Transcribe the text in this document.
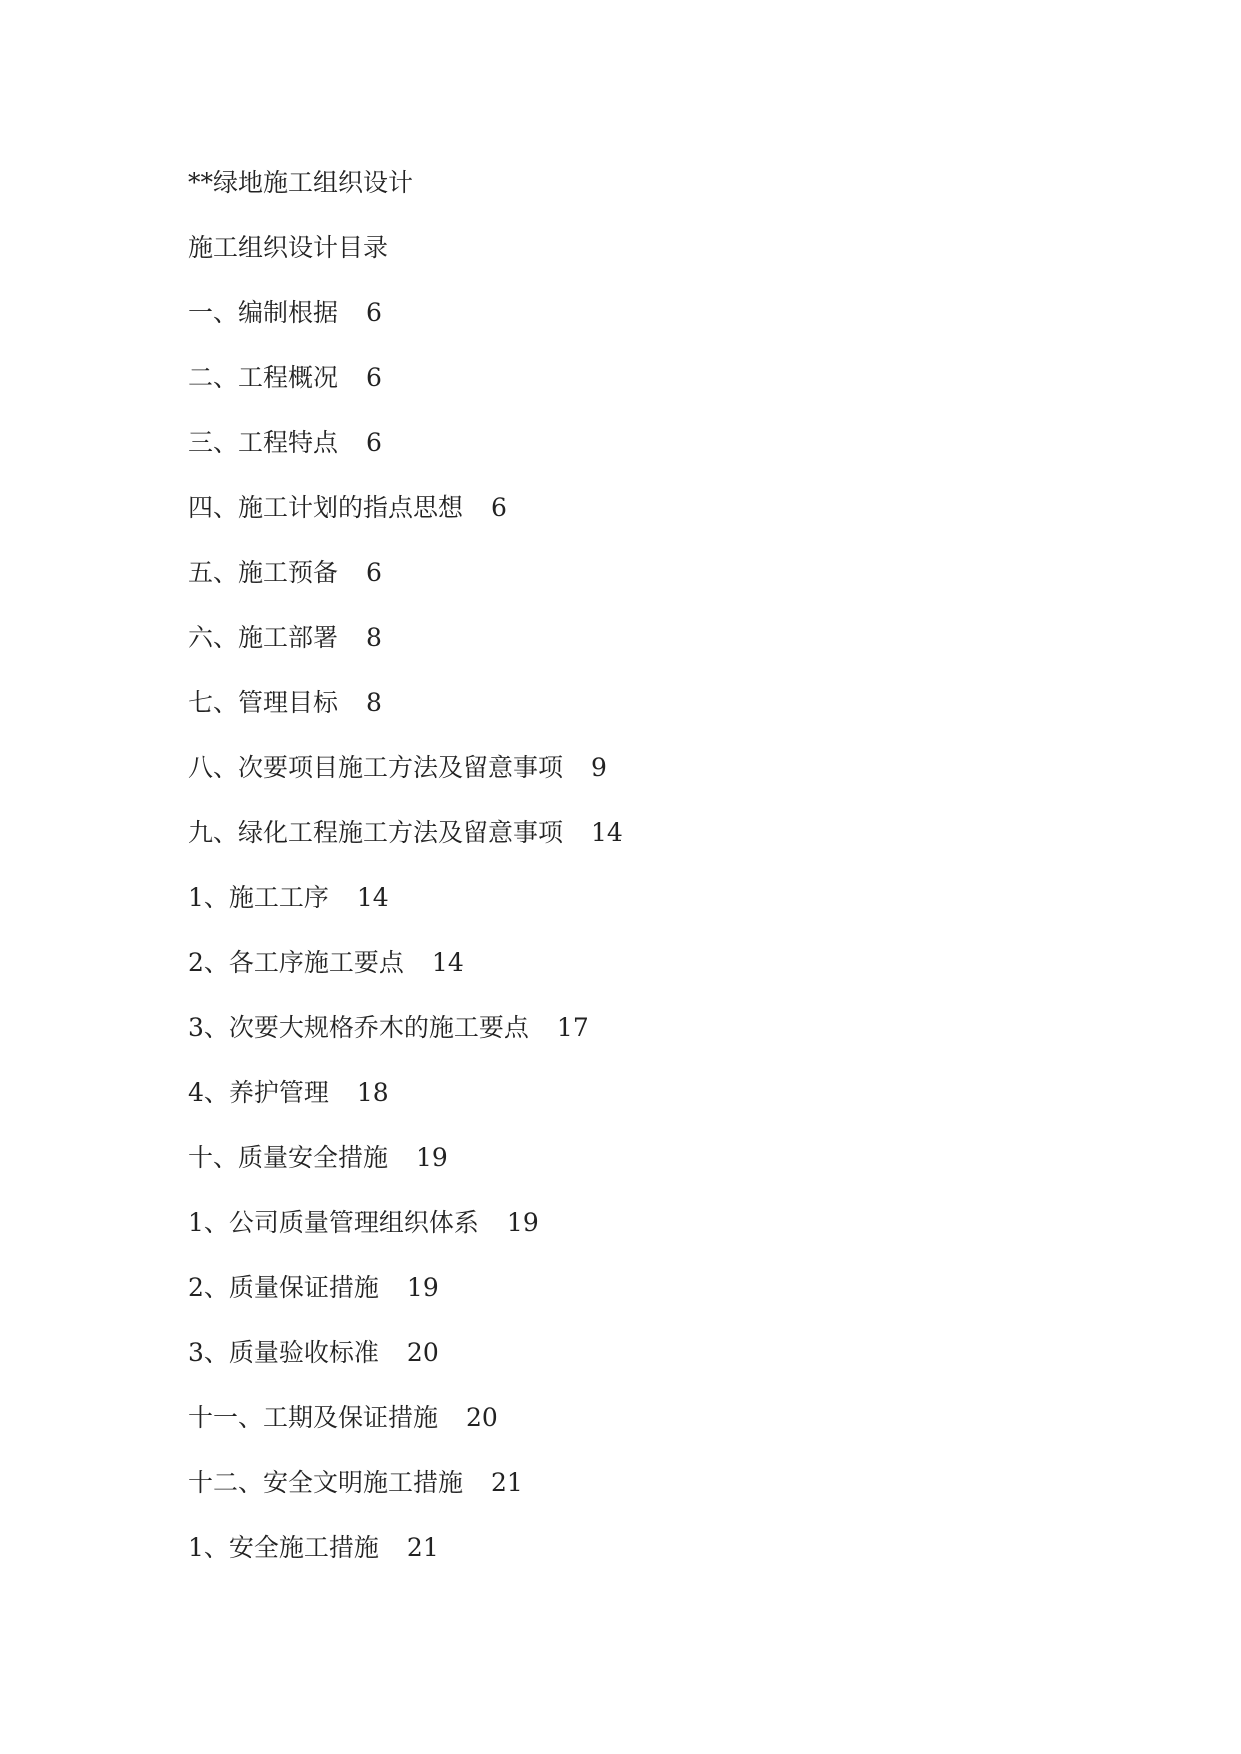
**绿地施工组织设计
施工组织设计目录
一、编制根据 6
二、工程概况 6
三、工程特点 6
四、施工计划的指点思想 6
五、施工预备 6
六、施工部署 8
七、管理目标 8
八、次要项目施工方法及留意事项 9
九、绿化工程施工方法及留意事项 14
1、施工工序 14
2、各工序施工要点 14
3、次要大规格乔木的施工要点 17
4、养护管理 18
十、质量安全措施 19
1、公司质量管理组织体系 19
2、质量保证措施 19
3、质量验收标准 20
十一、工期及保证措施 20
十二、安全文明施工措施 21
1、安全施工措施 21
